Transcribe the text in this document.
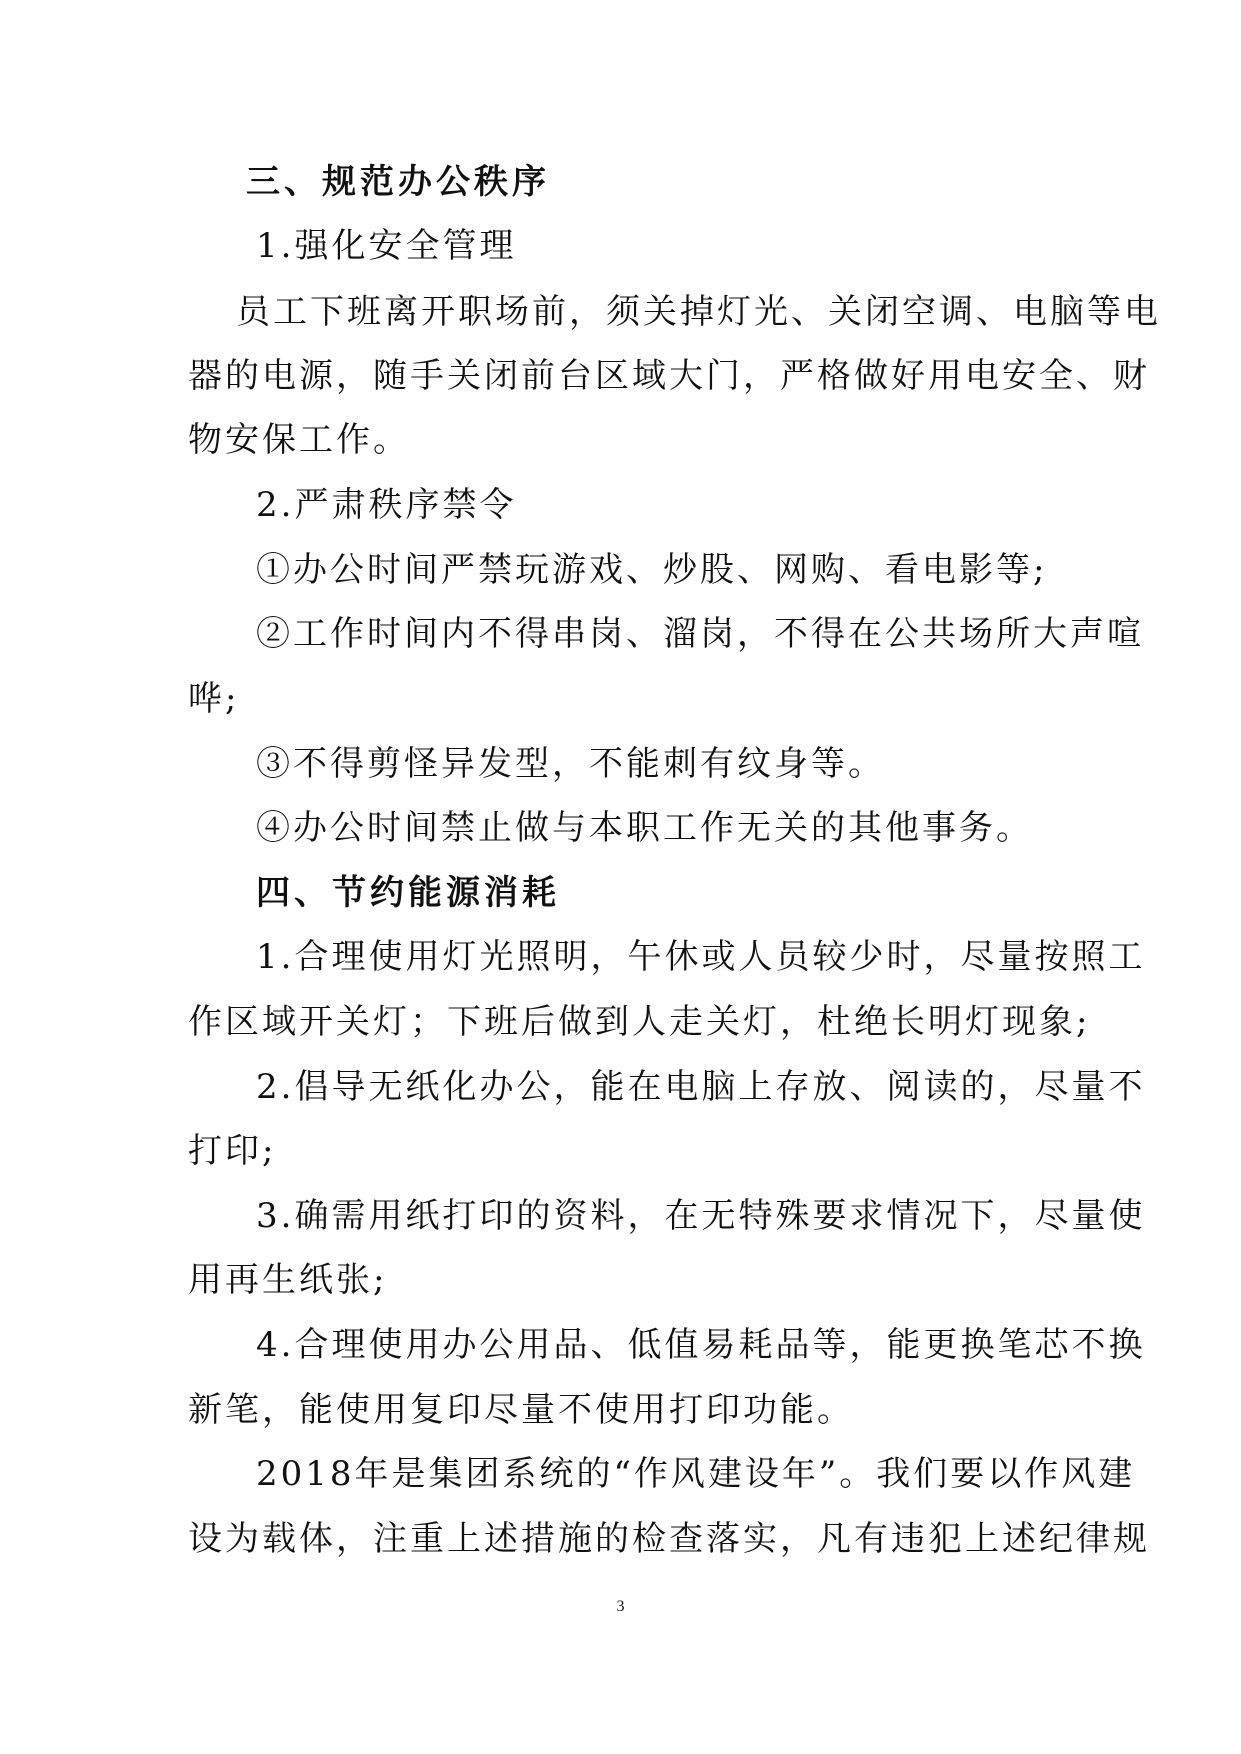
三、规范办公秩序
1.强化安全管理
员工下班离开职场前，须关掉灯光、关闭空调、电脑等电
器的电源，随手关闭前台区域大门，严格做好用电安全、财
物安保工作。
2.严肃秩序禁令
①办公时间严禁玩游戏、炒股、网购、看电影等;
②工作时间内不得串岗、溜岗，不得在公共场所大声喧
哗;
③不得剪怪异发型，不能刺有纹身等。
④办公时间禁止做与本职工作无关的其他事务。
四、节约能源消耗
1.合理使用灯光照明，午休或人员较少时，尽量按照工
作区域开关灯；下班后做到人走关灯，杜绝长明灯现象;
2.倡导无纸化办公，能在电脑上存放、阅读的，尽量不
打印;
3.确需用纸打印的资料，在无特殊要求情况下，尽量使
用再生纸张;
4.合理使用办公用品、低值易耗品等，能更换笔芯不换
新笔，能使用复印尽量不使用打印功能。
2018年是集团系统的“作风建设年”。我们要以作风建
设为载体，注重上述措施的检查落实，凡有违犯上述纪律规
3
